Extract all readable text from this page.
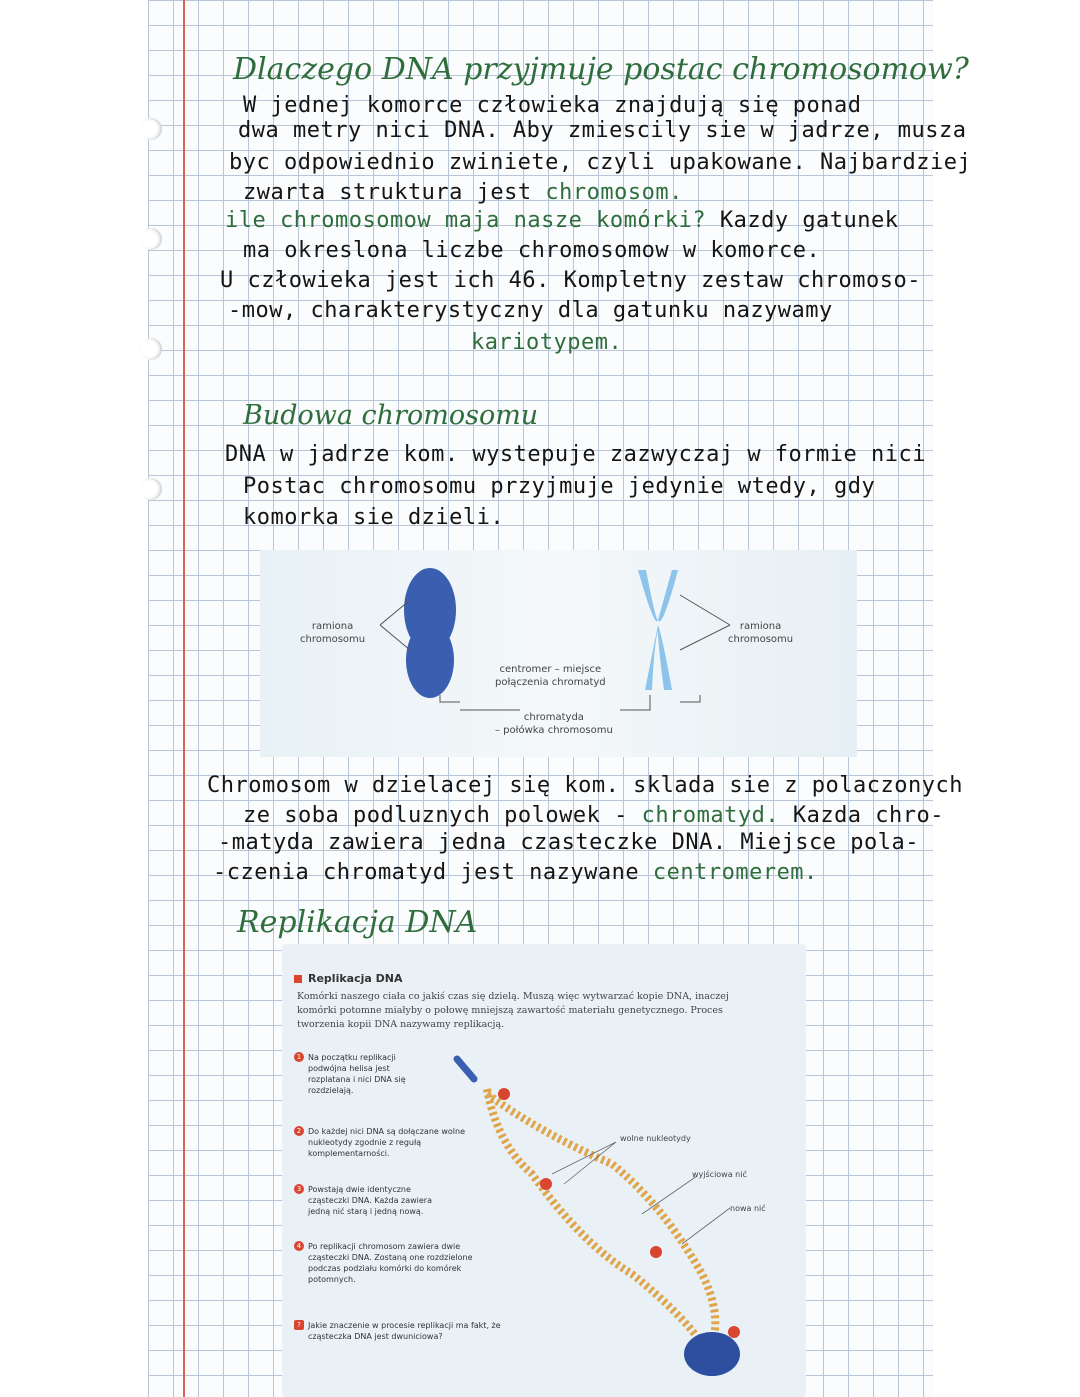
Dlaczego DNA przyjmuje postac chromosomow?
W jednej komorce człowieka znajdują się ponad
dwa metry nici DNA. Aby zmiescily sie w jadrze, musza
byc odpowiednio zwiniete, czyli upakowane. Najbardziej
zwarta struktura jest chromosom.
ile chromosomow maja nasze komórki? Kazdy gatunek
ma okreslona liczbe chromosomow w komorce.
U człowieka jest ich 46. Kompletny zestaw chromoso-
-mow, charakterystyczny dla gatunku nazywamy
kariotypem.
Budowa chromosomu
DNA w jadrze kom. wystepuje zazwyczaj w formie nici
Postac chromosomu przyjmuje jedynie wtedy, gdy
komorka sie dzieli.
ramiona
chromosomu
ramiona
chromosomu
centromer – miejsce
połączenia chromatyd
chromatyda
– połówka chromosomu
Chromosom w dzielacej się kom. sklada sie z polaczonych
ze soba podluznych polowek - chromatyd. Kazda chro-
-matyda zawiera jedna czasteczke DNA. Miejsce pola-
-czenia chromatyd jest nazywane centromerem.
Replikacja DNA
Replikacja DNA
Komórki naszego ciała co jakiś czas się dzielą. Muszą więc wytwarzać kopie DNA, inaczej komórki potomne miałyby o połowę mniejszą zawartość materiału genetycznego. Proces tworzenia kopii DNA nazywamy replikacją.
1 Na początku replikacji podwójna helisa jest rozplatana i nici DNA się rozdzielają.
2 Do każdej nici DNA są dołączane wolne nukleotydy zgodnie z regułą komplementarności.
3 Powstają dwie identyczne cząsteczki DNA. Każda zawiera jedną nić starą i jedną nową.
4 Po replikacji chromosom zawiera dwie cząsteczki DNA. Zostaną one rozdzielone podczas podziału komórki do komórek potomnych.
? Jakie znaczenie w procesie replikacji ma fakt, że cząsteczka DNA jest dwuniciowa?
wolne nukleotydy
wyjściowa nić
nowa nić
